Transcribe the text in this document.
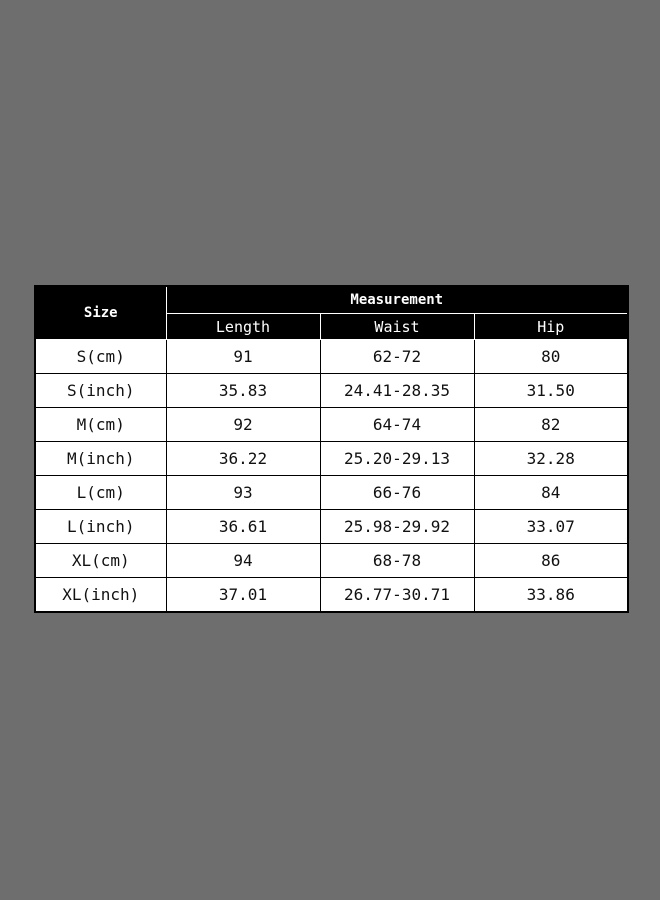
Size	Measurement		
	Length	Waist	Hip
S(cm)	91	62-72	80
S(inch)	35.83	24.41-28.35	31.50
M(cm)	92	64-74	82
M(inch)	36.22	25.20-29.13	32.28
L(cm)	93	66-76	84
L(inch)	36.61	25.98-29.92	33.07
XL(cm)	94	68-78	86
XL(inch)	37.01	26.77-30.71	33.86
